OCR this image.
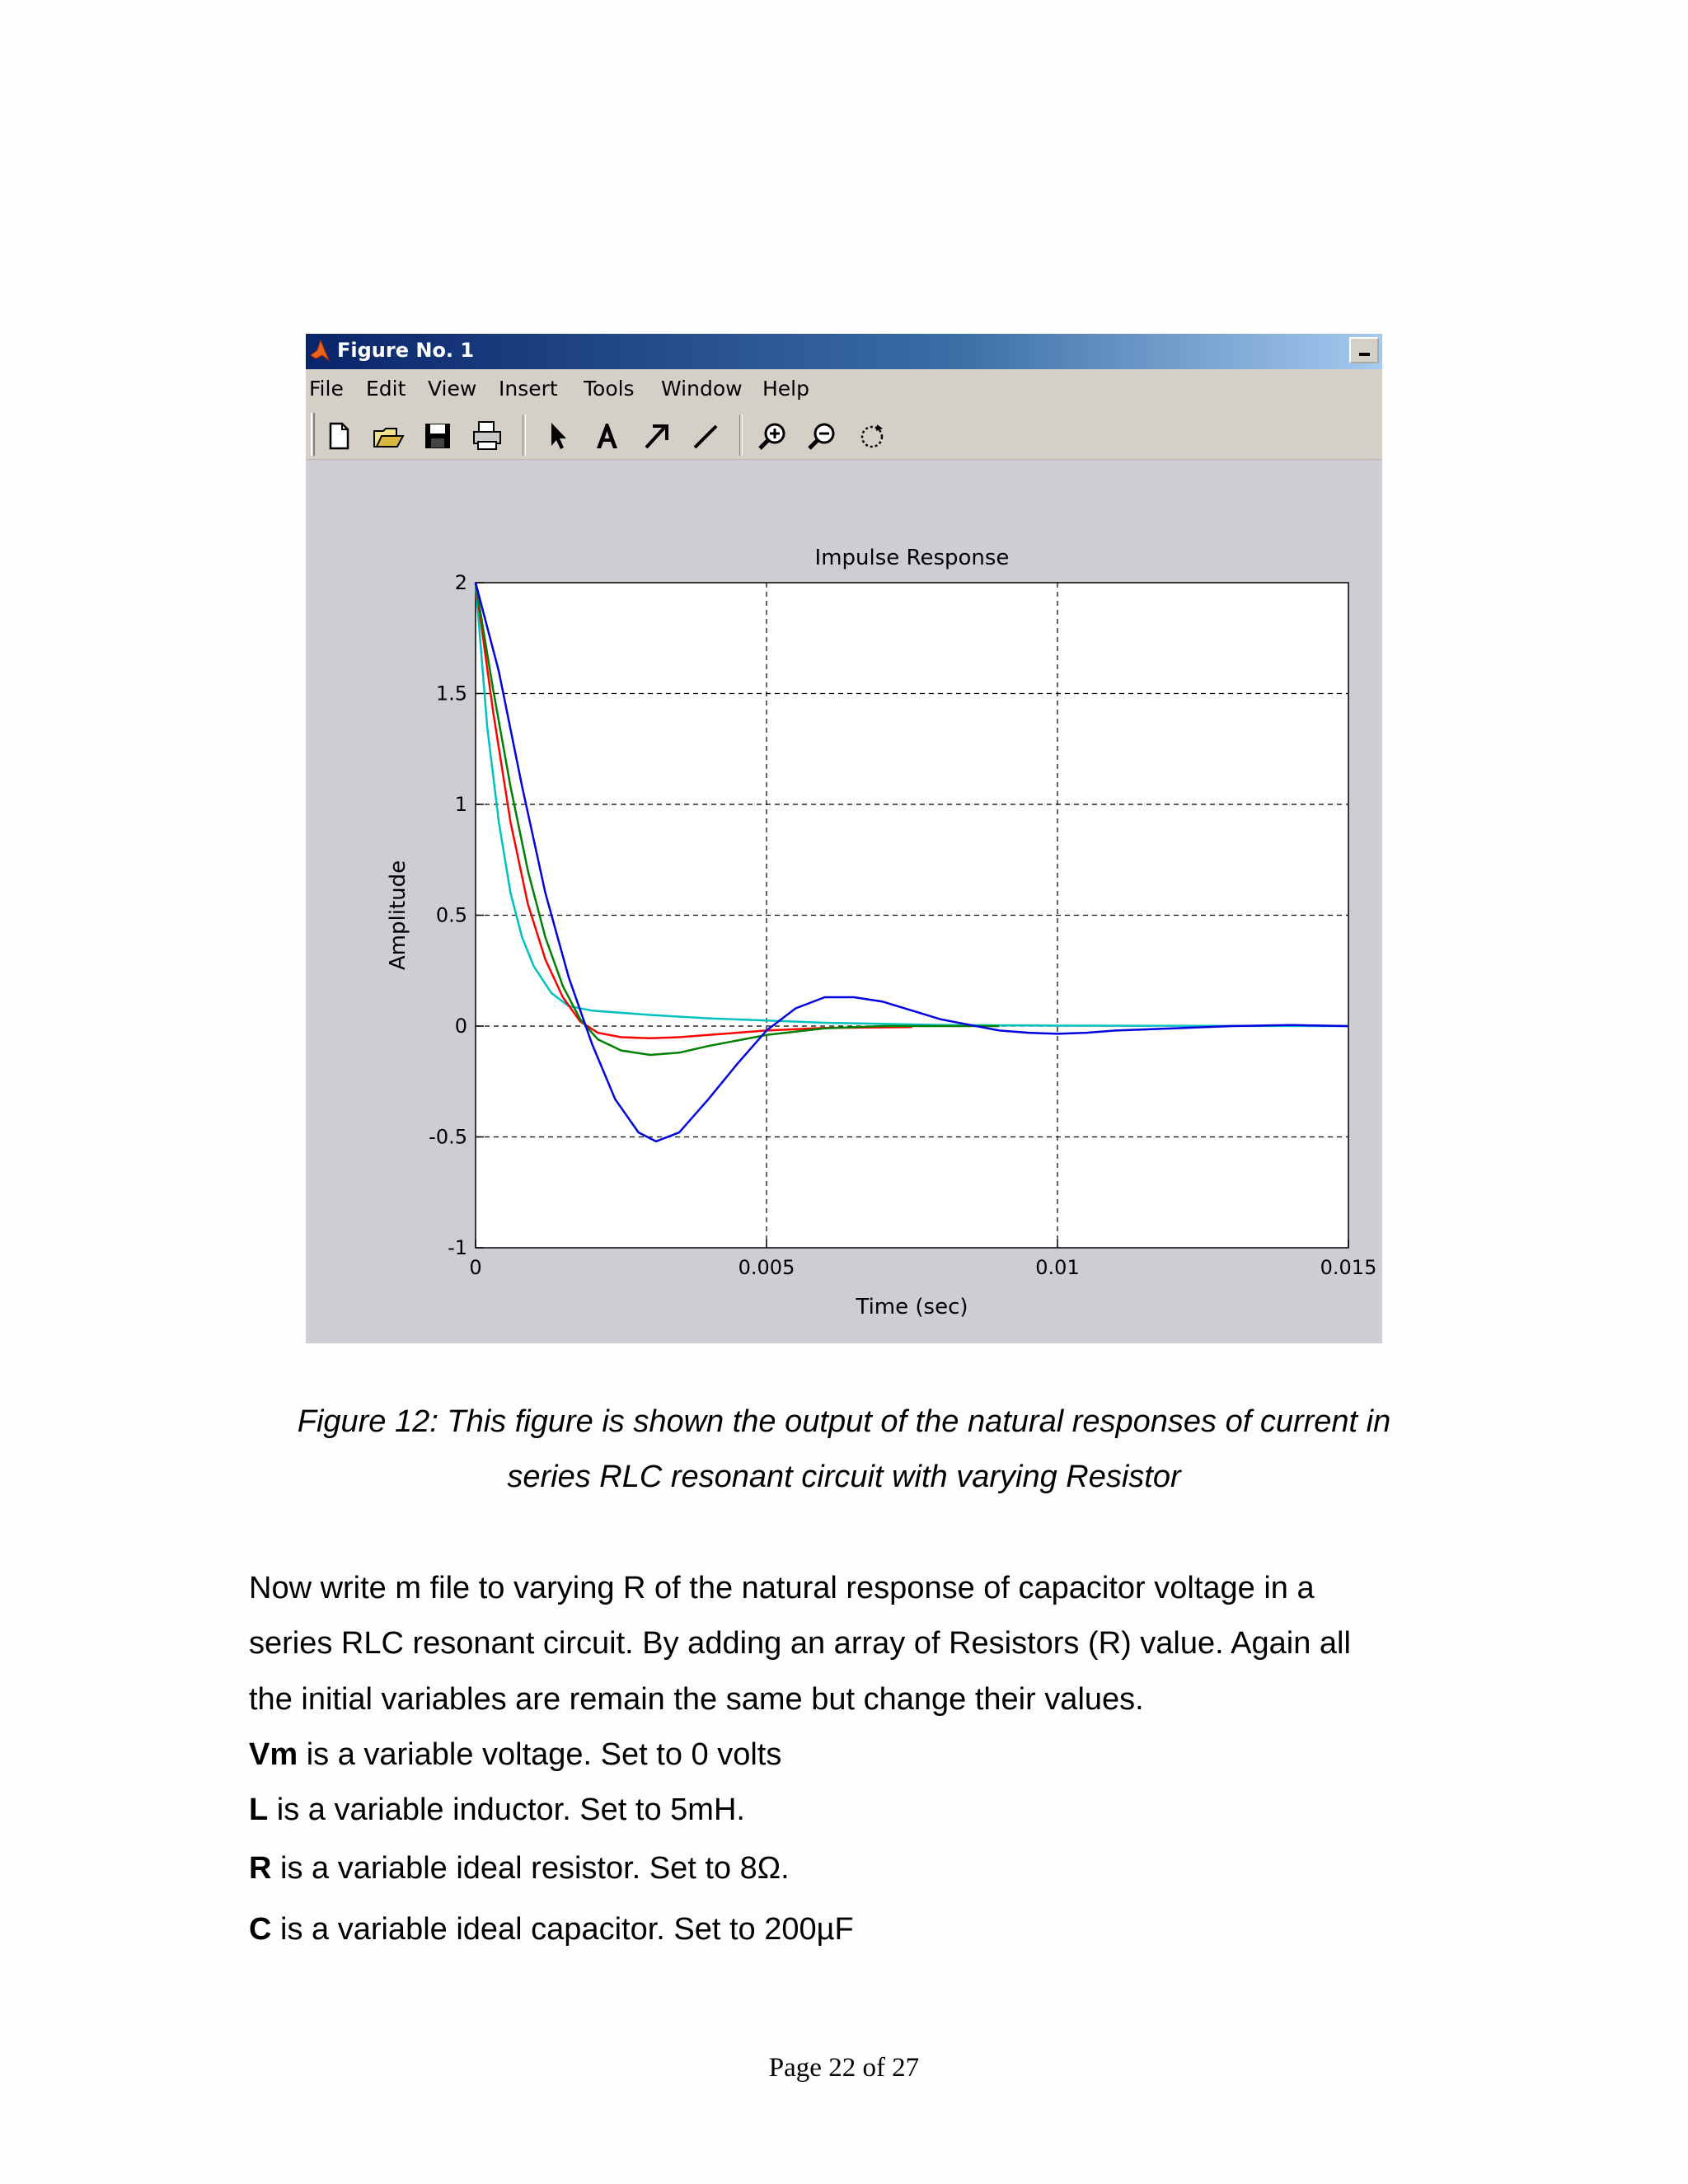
Figure No. 1
File Edit View Insert Tools Window Help
0	0.005	0.01	0.015
-1
-0.5
0
0.5
1
1.5
2
Impulse Response
Time (sec)
Amplitude
Figure 12: This figure is shown the output of the natural responses of current in
series RLC resonant circuit with varying Resistor
Now write m file to varying R of the natural response of capacitor voltage in a
series RLC resonant circuit. By adding an array of Resistors (R) value. Again all
the initial variables are remain the same but change their values.
Vm is a variable voltage. Set to 0 volts
L is a variable inductor. Set to 5mH.
R is a variable ideal resistor. Set to 8Ω.
C is a variable ideal capacitor. Set to 200µF
Page 22 of 27
